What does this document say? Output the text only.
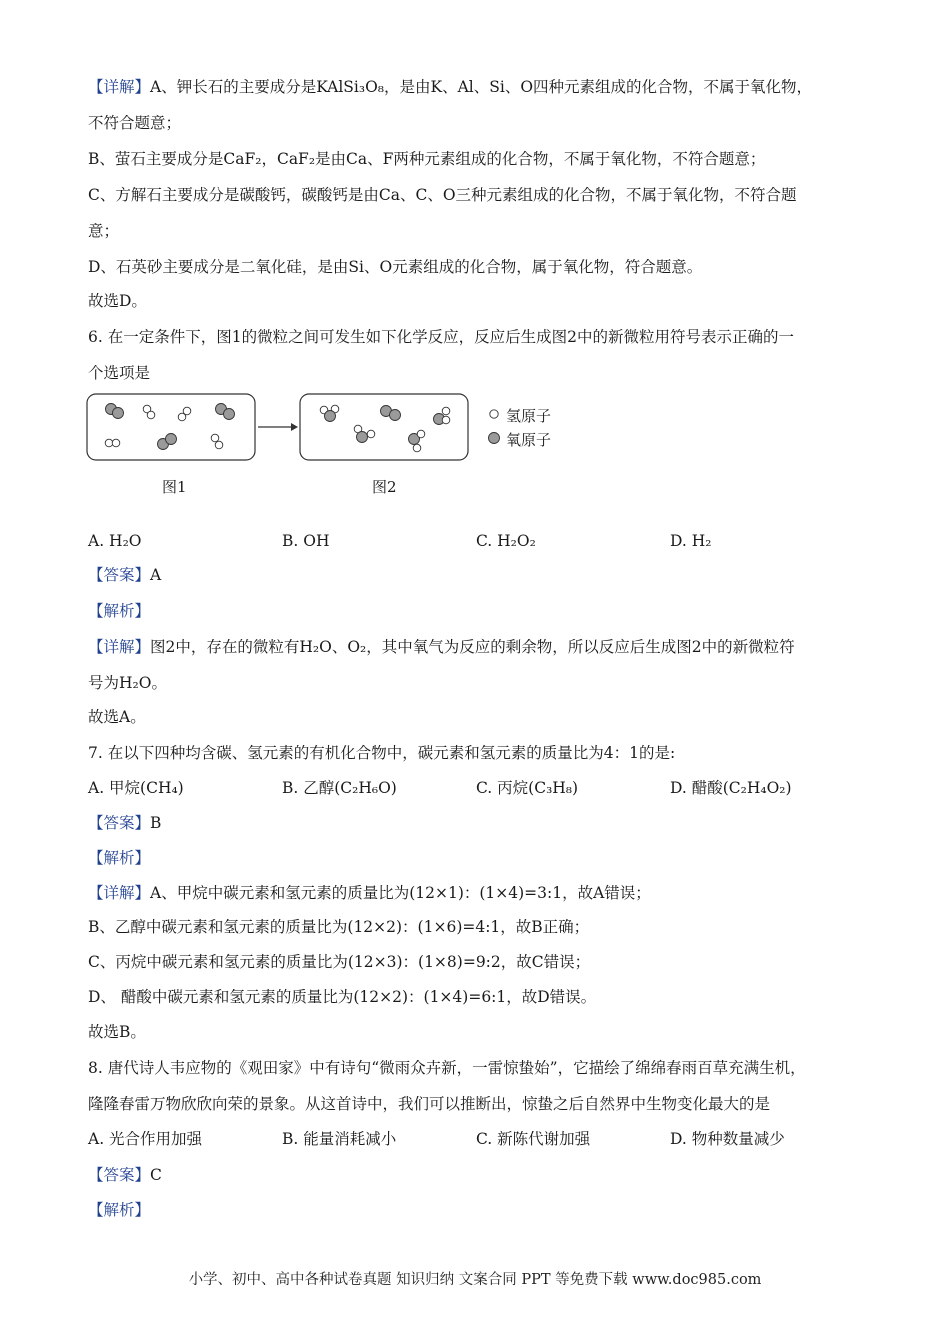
【详解】A、钾长石的主要成分是KAlSi₃O₈，是由K、Al、Si、O四种元素组成的化合物，不属于氧化物，
不符合题意；
B、萤石主要成分是CaF₂，CaF₂是由Ca、F两种元素组成的化合物，不属于氧化物，不符合题意；
C、方解石主要成分是碳酸钙，碳酸钙是由Ca、C、O三种元素组成的化合物，不属于氧化物，不符合题
意；
D、石英砂主要成分是二氧化硅，是由Si、O元素组成的化合物，属于氧化物，符合题意。
故选D。
6. 在一定条件下，图1的微粒之间可发生如下化学反应，反应后生成图2中的新微粒用符号表示正确的一
个选项是
氢原子
氧原子
图1	图2
A. H₂O	B. OH	C. H₂O₂	D. H₂
【答案】A
【解析】
【详解】图2中，存在的微粒有H₂O、O₂，其中氧气为反应的剩余物，所以反应后生成图2中的新微粒符
号为H₂O。
故选A。
7. 在以下四种均含碳、氢元素的有机化合物中，碳元素和氢元素的质量比为4：1的是:
A. 甲烷(CH₄)	B. 乙醇(C₂H₆O)	C. 丙烷(C₃H₈)	D. 醋酸(C₂H₄O₂)
【答案】B
【解析】
【详解】A、甲烷中碳元素和氢元素的质量比为(12×1)：(1×4)=3:1，故A错误；
B、乙醇中碳元素和氢元素的质量比为(12×2)：(1×6)=4:1，故B正确；
C、丙烷中碳元素和氢元素的质量比为(12×3)：(1×8)=9:2，故C错误；
D、 醋酸中碳元素和氢元素的质量比为(12×2)：(1×4)=6:1，故D错误。
故选B。
8. 唐代诗人韦应物的《观田家》中有诗句“微雨众卉新，一雷惊蛰始”，它描绘了绵绵春雨百草充满生机，
隆隆春雷万物欣欣向荣的景象。从这首诗中，我们可以推断出，惊蛰之后自然界中生物变化最大的是
A. 光合作用加强	B. 能量消耗减小	C. 新陈代谢加强	D. 物种数量减少
【答案】C
【解析】
小学、初中、高中各种试卷真题 知识归纳 文案合同 PPT 等免费下载 www.doc985.com
